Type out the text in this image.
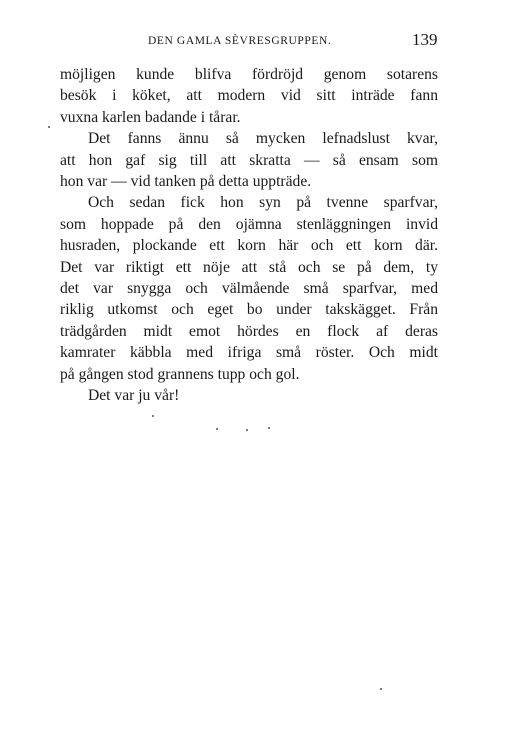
DEN GAMLA SÈVRESGRUPPEN.	139

möjligen kunde blifva fördröjd genom sotarens
besök i köket, att modern vid sitt inträde fann
vuxna karlen badande i tårar.

Det fanns ännu så mycken lefnadslust kvar,
att hon gaf sig till att skratta — så ensam som
hon var — vid tanken på detta uppträde.

Och sedan fick hon syn på tvenne sparfvar,
som hoppade på den ojämna stenläggningen invid
husraden, plockande ett korn här och ett korn där.
Det var riktigt ett nöje att stå och se på dem, ty
det var snygga och välmående små sparfvar, med
riklig utkomst och eget bo under takskägget. Från
trädgården midt emot hördes en flock af deras
kamrater käbbla med ifriga små röster. Och midt
på gången stod grannens tupp och gol.

Det var ju vår!
